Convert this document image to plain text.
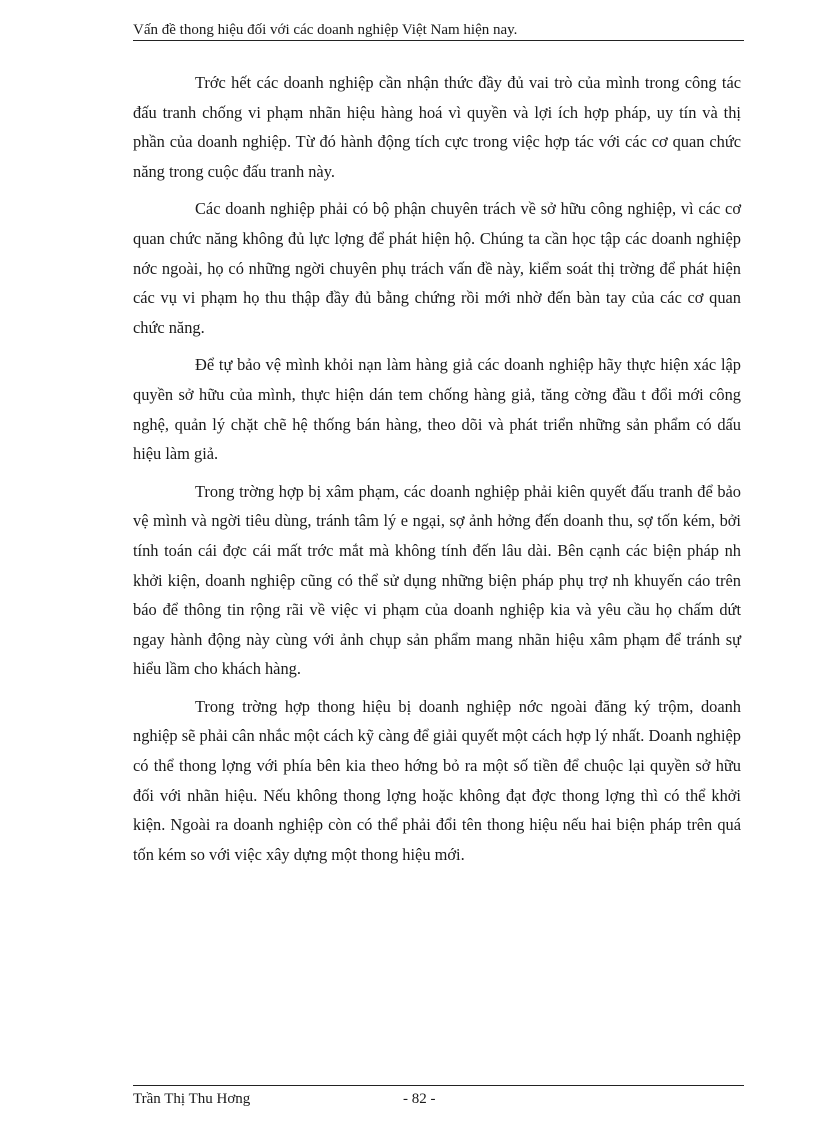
Vấn đề thong hiệu đối với các doanh nghiệp Việt Nam hiện nay.

Trớc hết các doanh nghiệp cần nhận thức đầy đủ vai trò của mình trong công tác đấu tranh chống vi phạm nhãn hiệu hàng hoá vì quyền và lợi ích hợp pháp, uy tín và thị phần của doanh nghiệp. Từ đó hành động tích cực trong việc hợp tác với các cơ quan chức năng trong cuộc đấu tranh này.

Các doanh nghiệp phải có bộ phận chuyên trách về sở hữu công nghiệp, vì các cơ quan chức năng không đủ lực lợng để phát hiện hộ. Chúng ta cần học tập các doanh nghiệp nớc ngoài, họ có những ngời chuyên phụ trách vấn đề này, kiểm soát thị trờng để phát hiện các vụ vi phạm họ thu thập đầy đủ bằng chứng rồi mới nhờ đến bàn tay của các cơ quan chức năng.

Để tự bảo vệ mình khỏi nạn làm hàng giả các doanh nghiệp hãy thực hiện xác lập quyền sở hữu của mình, thực hiện dán tem chống hàng giả, tăng cờng đầu t đổi mới công nghệ, quản lý chặt chẽ hệ thống bán hàng, theo dõi và phát triển những sản phẩm có dấu hiệu làm giả.

Trong trờng hợp bị xâm phạm, các doanh nghiệp phải kiên quyết đấu tranh để bảo vệ mình và ngời tiêu dùng, tránh tâm lý e ngại, sợ ảnh hởng đến doanh thu, sợ tốn kém, bởi tính toán cái đợc cái mất trớc mắt mà không tính đến lâu dài. Bên cạnh các biện pháp nh khởi kiện, doanh nghiệp cũng có thể sử dụng những biện pháp phụ trợ nh khuyến cáo trên báo để thông tin rộng rãi về việc vi phạm của doanh nghiệp kia và yêu cầu họ chấm dứt ngay hành động này cùng với ảnh chụp sản phẩm mang nhãn hiệu xâm phạm để tránh sự hiểu lầm cho khách hàng.

Trong trờng hợp thong hiệu bị doanh nghiệp nớc ngoài đăng ký trộm, doanh nghiệp sẽ phải cân nhắc một cách kỹ càng để giải quyết một cách hợp lý nhất. Doanh nghiệp có thể thong lợng với phía bên kia theo hớng bỏ ra một số tiền để chuộc lại quyền sở hữu đối với nhãn hiệu. Nếu không thong lợng hoặc không đạt đợc thong lợng thì có thể khởi kiện. Ngoài ra doanh nghiệp còn có thể phải đổi tên thong hiệu nếu hai biện pháp trên quá tốn kém so với việc xây dựng một thong hiệu mới.

Trần Thị Thu Hơng	- 82 -
